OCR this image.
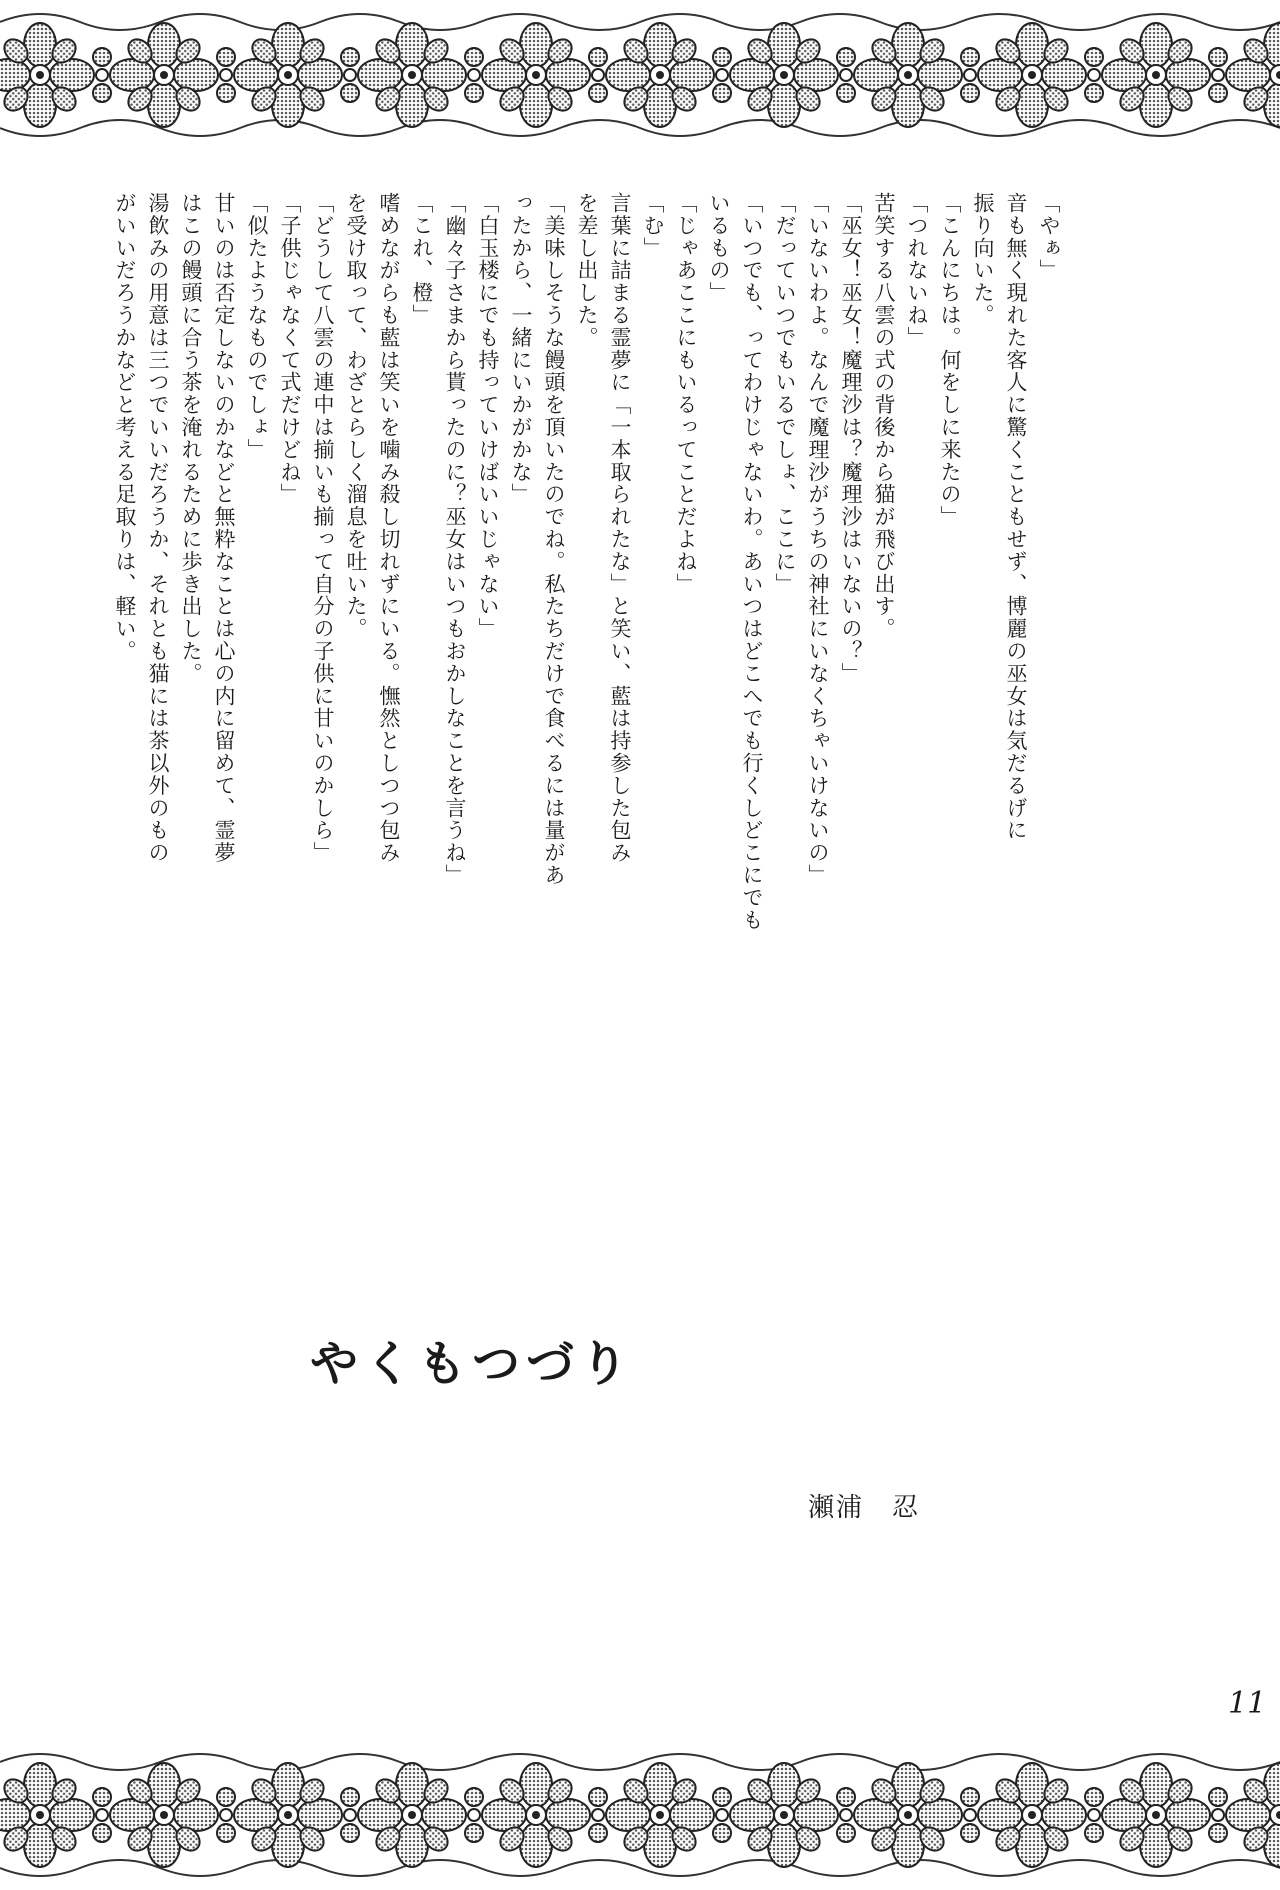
「やぁ」

音も無く現れた客人に驚くこともせず、博麗の巫女は気だるげに

振り向いた。

「こんにちは。何をしに来たの」

「つれないね」

苦笑する八雲の式の背後から猫が飛び出す。

「巫女！巫女！魔理沙は？魔理沙はいないの？」

「いないわよ。なんで魔理沙がうちの神社にいなくちゃいけないの」

「だっていつでもいるでしょ、ここに」

「いつでも、ってわけじゃないわ。あいつはどこへでも行くしどこにでも

いるもの」

「じゃあここにもいるってことだよね」

「む」

言葉に詰まる霊夢に「一本取られたな」と笑い、藍は持参した包み

を差し出した。

「美味しそうな饅頭を頂いたのでね。私たちだけで食べるには量があ

ったから、一緒にいかがかな」

「白玉楼にでも持っていけばいいじゃない」

「幽々子さまから貰ったのに？巫女はいつもおかしなことを言うね」

「これ、橙」

嗜めながらも藍は笑いを噛み殺し切れずにいる。憮然としつつ包み

を受け取って、わざとらしく溜息を吐いた。

「どうして八雲の連中は揃いも揃って自分の子供に甘いのかしら」

「子供じゃなくて式だけどね」

「似たようなものでしょ」

甘いのは否定しないのかなどと無粋なことは心の内に留めて、霊夢

はこの饅頭に合う茶を淹れるために歩き出した。

湯飲みの用意は三つでいいだろうか、それとも猫には茶以外のもの

がいいだろうかなどと考える足取りは、軽い。

やくもつづり
瀬浦　忍
11
